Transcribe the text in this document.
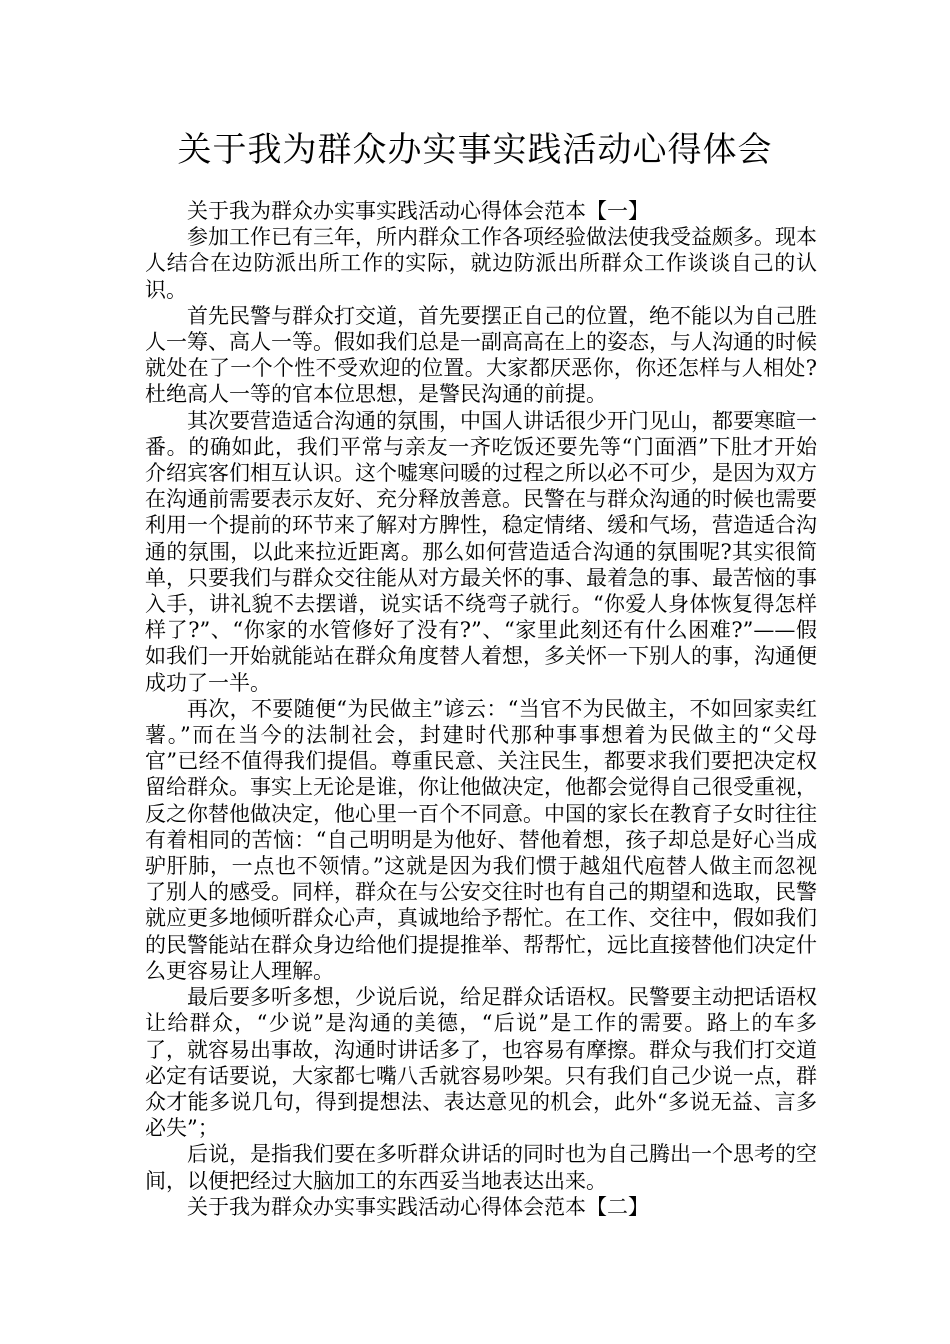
关于我为群众办实事实践活动心得体会

关于我为群众办实事实践活动心得体会范本【一】

参加工作已有三年，所内群众工作各项经验做法使我受益颇多。现本人结合在边防派出所工作的实际，就边防派出所群众工作谈谈自己的认识。

首先民警与群众打交道，首先要摆正自己的位置，绝不能以为自己胜人一筹、高人一等。假如我们总是一副高高在上的姿态，与人沟通的时候就处在了一个个性不受欢迎的位置。大家都厌恶你，你还怎样与人相处?杜绝高人一等的官本位思想，是警民沟通的前提。

其次要营造适合沟通的氛围，中国人讲话很少开门见山，都要寒暄一番。的确如此，我们平常与亲友一齐吃饭还要先等“门面酒”下肚才开始介绍宾客们相互认识。这个嘘寒问暖的过程之所以必不可少，是因为双方在沟通前需要表示友好、充分释放善意。民警在与群众沟通的时候也需要利用一个提前的环节来了解对方脾性，稳定情绪、缓和气场，营造适合沟通的氛围，以此来拉近距离。那么如何营造适合沟通的氛围呢?其实很简单，只要我们与群众交往能从对方最关怀的事、最着急的事、最苦恼的事入手，讲礼貌不去摆谱，说实话不绕弯子就行。“你爱人身体恢复得怎样样了?”、“你家的水管修好了没有?”、“家里此刻还有什么困难?”——假如我们一开始就能站在群众角度替人着想，多关怀一下别人的事，沟通便成功了一半。

再次，不要随便“为民做主”谚云：“当官不为民做主，不如回家卖红薯。”而在当今的法制社会，封建时代那种事事想着为民做主的“父母官”已经不值得我们提倡。尊重民意、关注民生，都要求我们要把决定权留给群众。事实上无论是谁，你让他做决定，他都会觉得自己很受重视，反之你替他做决定，他心里一百个不同意。中国的家长在教育子女时往往有着相同的苦恼：“自己明明是为他好、替他着想，孩子却总是好心当成驴肝肺，一点也不领情。”这就是因为我们惯于越俎代庖替人做主而忽视了别人的感受。同样，群众在与公安交往时也有自己的期望和选取，民警就应更多地倾听群众心声，真诚地给予帮忙。在工作、交往中，假如我们的民警能站在群众身边给他们提提推举、帮帮忙，远比直接替他们决定什么更容易让人理解。

最后要多听多想，少说后说，给足群众话语权。民警要主动把话语权让给群众，“少说”是沟通的美德，“后说”是工作的需要。路上的车多了，就容易出事故，沟通时讲话多了，也容易有摩擦。群众与我们打交道必定有话要说，大家都七嘴八舌就容易吵架。只有我们自己少说一点，群众才能多说几句，得到提想法、表达意见的机会，此外“多说无益、言多必失”；

后说，是指我们要在多听群众讲话的同时也为自己腾出一个思考的空间，以便把经过大脑加工的东西妥当地表达出来。

关于我为群众办实事实践活动心得体会范本【二】
